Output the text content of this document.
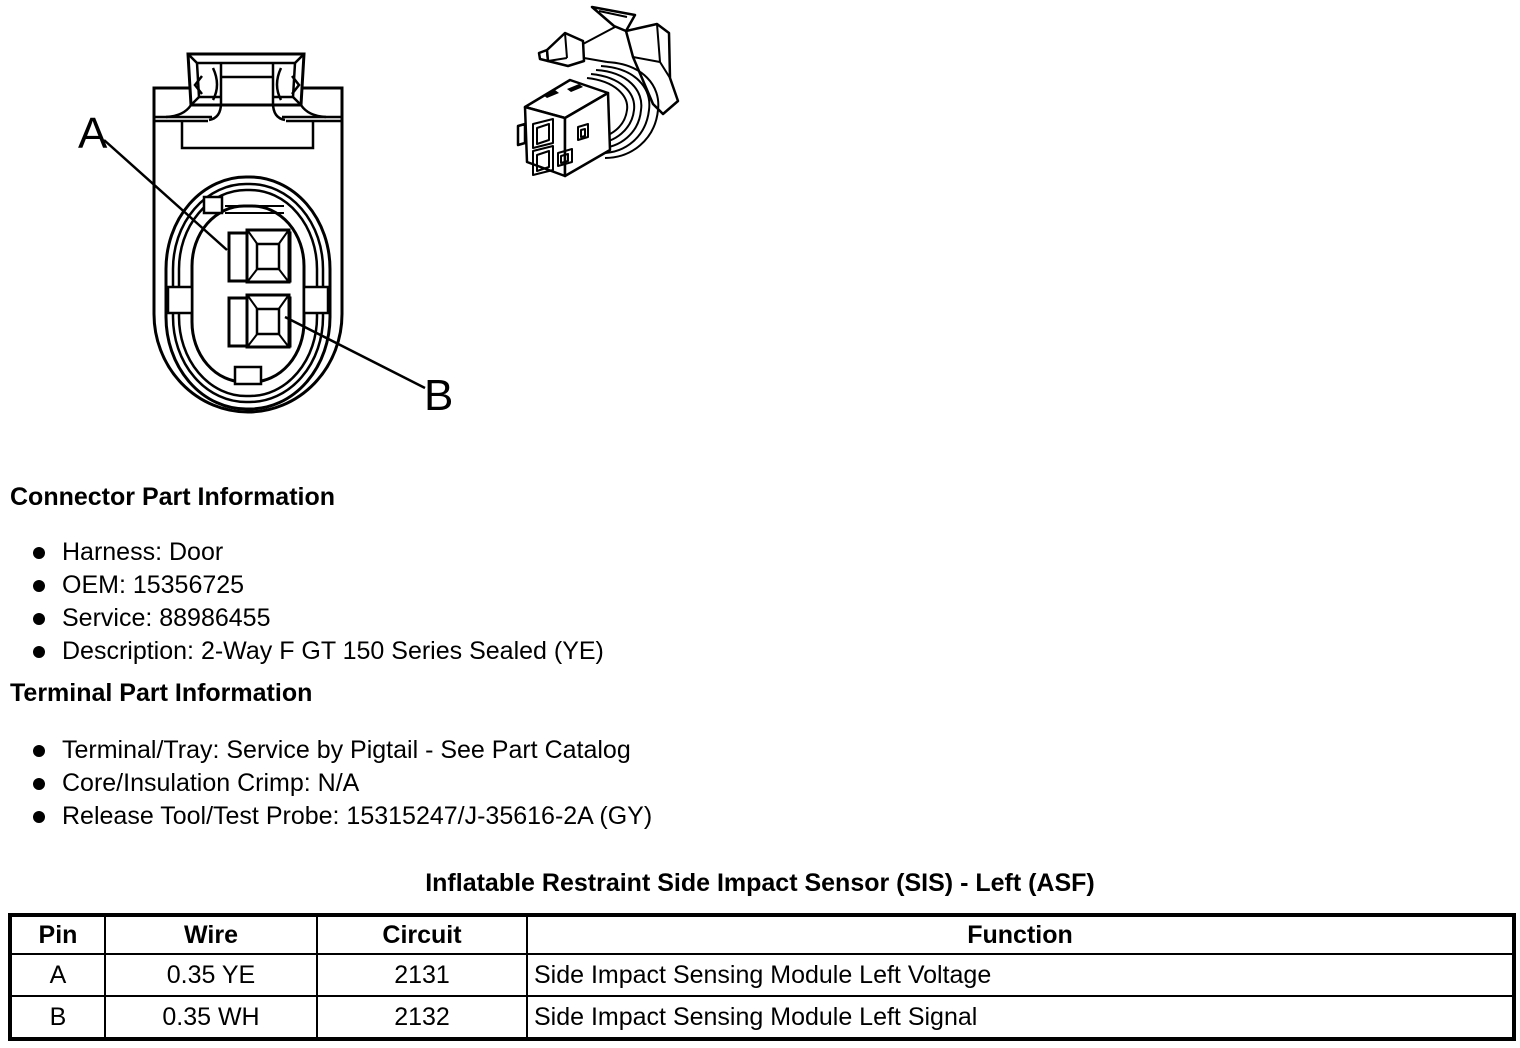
A
B
Connector Part Information
Harness: Door
OEM: 15356725
Service: 88986455
Description: 2-Way F GT 150 Series Sealed (YE)
Terminal Part Information
Terminal/Tray: Service by Pigtail - See Part Catalog
Core/Insulation Crimp: N/A
Release Tool/Test Probe: 15315247/J-35616-2A (GY)
Inflatable Restraint Side Impact Sensor (SIS) - Left (ASF)
Pin	Wire	Circuit	Function
A	0.35 YE	2131	Side Impact Sensing Module Left Voltage
B	0.35 WH	2132	Side Impact Sensing Module Left Signal
